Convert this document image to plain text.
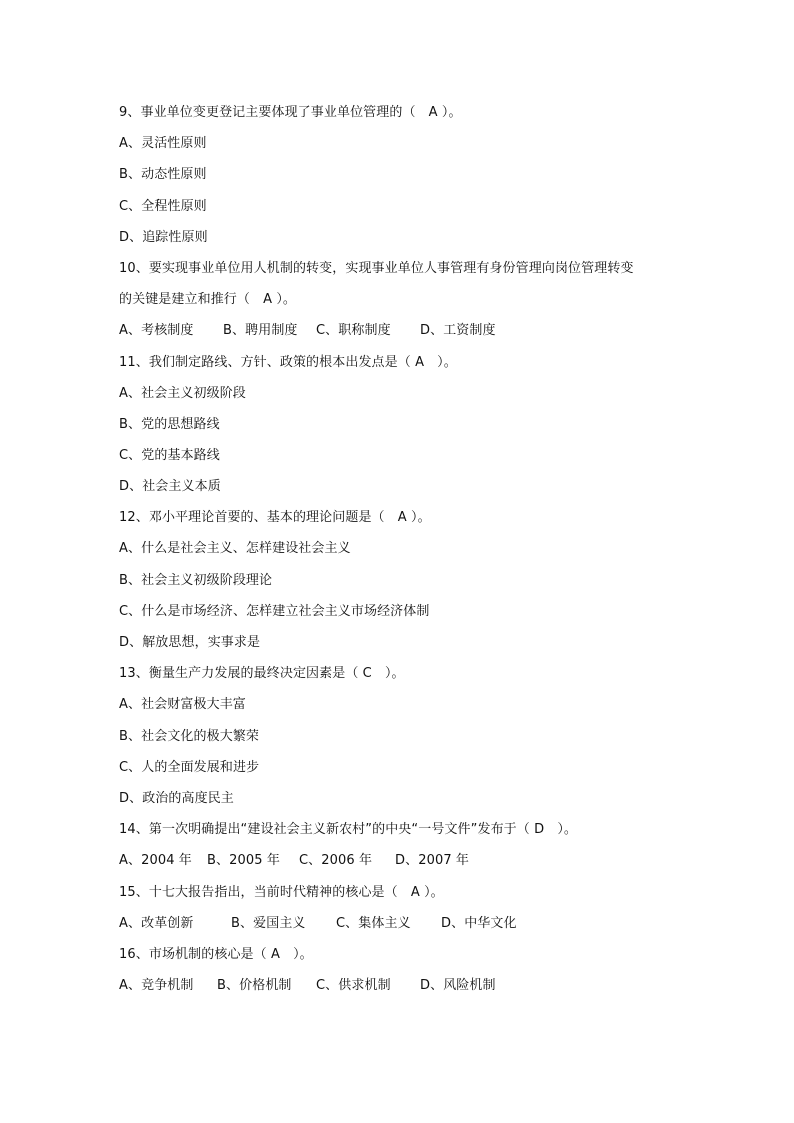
9、事业单位变更登记主要体现了事业单位管理的（　A ）。
A、灵活性原则
B、动态性原则
C、全程性原则
D、追踪性原则
10、要实现事业单位用人机制的转变，实现事业单位人事管理有身份管理向岗位管理转变
的关键是建立和推行（　A ）。
A、考核制度 B、聘用制度 C、职称制度 D、工资制度
11、我们制定路线、方针、政策的根本出发点是（ A　）。
A、社会主义初级阶段
B、党的思想路线
C、党的基本路线
D、社会主义本质
12、邓小平理论首要的、基本的理论问题是（　A ）。
A、什么是社会主义、怎样建设社会主义
B、社会主义初级阶段理论
C、什么是市场经济、怎样建立社会主义市场经济体制
D、解放思想，实事求是
13、衡量生产力发展的最终决定因素是（ C　）。
A、社会财富极大丰富
B、社会文化的极大繁荣
C、人的全面发展和进步
D、政治的高度民主
14、第一次明确提出“建设社会主义新农村”的中央“一号文件”发布于（ D　）。
A、2004 年 B、2005 年 C、2006 年 D、2007 年
15、十七大报告指出，当前时代精神的核心是（　A ）。
A、改革创新	B、爱国主义 C、集体主义 D、中华文化
16、市场机制的核心是（ A　）。
A、竞争机制 B、价格机制 C、供求机制 D、风险机制
